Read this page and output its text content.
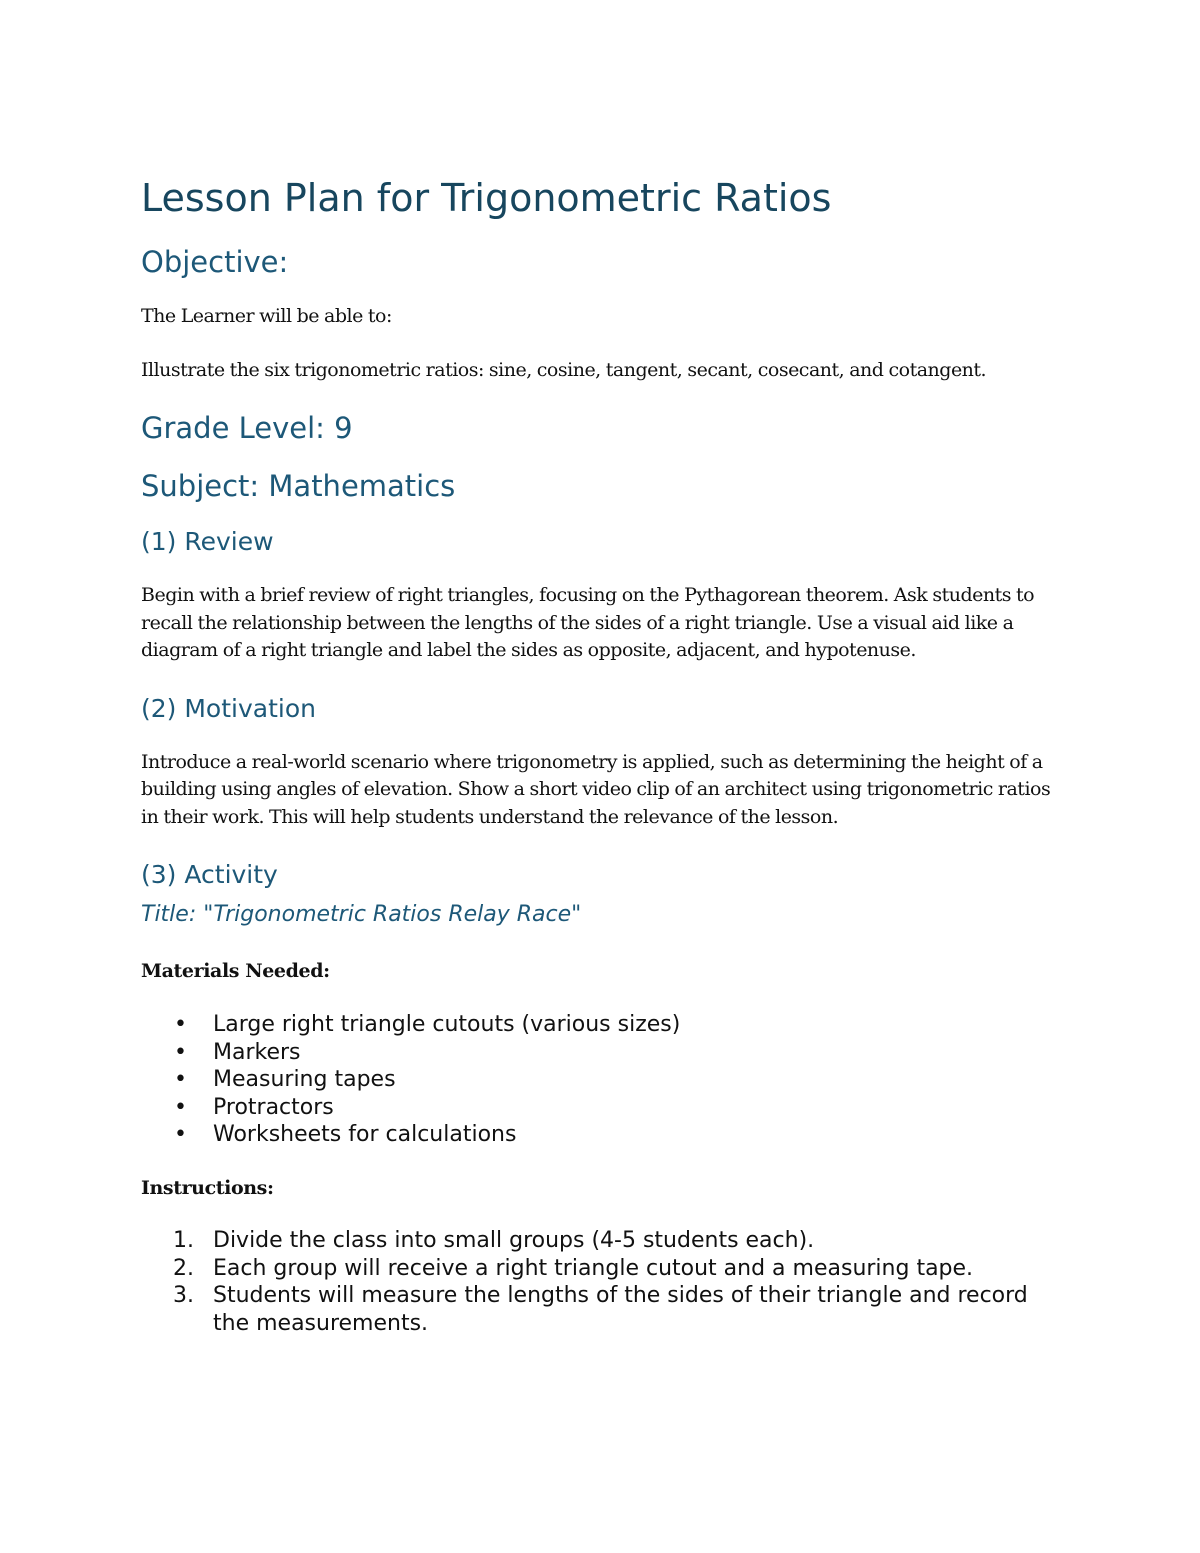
Lesson Plan for Trigonometric Ratios
Objective:

The Learner will be able to:

Illustrate the six trigonometric ratios: sine, cosine, tangent, secant, cosecant, and cotangent.

Grade Level: 9
Subject: Mathematics
(1) Review

Begin with a brief review of right triangles, focusing on the Pythagorean theorem. Ask students to recall the relationship between the lengths of the sides of a right triangle. Use a visual aid like a diagram of a right triangle and label the sides as opposite, adjacent, and hypotenuse.

(2) Motivation

Introduce a real-world scenario where trigonometry is applied, such as determining the height of a building using angles of elevation. Show a short video clip of an architect using trigonometric ratios in their work. This will help students understand the relevance of the lesson.

(3) Activity
Title: "Trigonometric Ratios Relay Race"

Materials Needed:

•	Large right triangle cutouts (various sizes)
•	Markers
•	Measuring tapes
•	Protractors
•	Worksheets for calculations

Instructions:

1. Divide the class into small groups (4-5 students each).
2. Each group will receive a right triangle cutout and a measuring tape.
3. Students will measure the lengths of the sides of their triangle and record the measurements.
